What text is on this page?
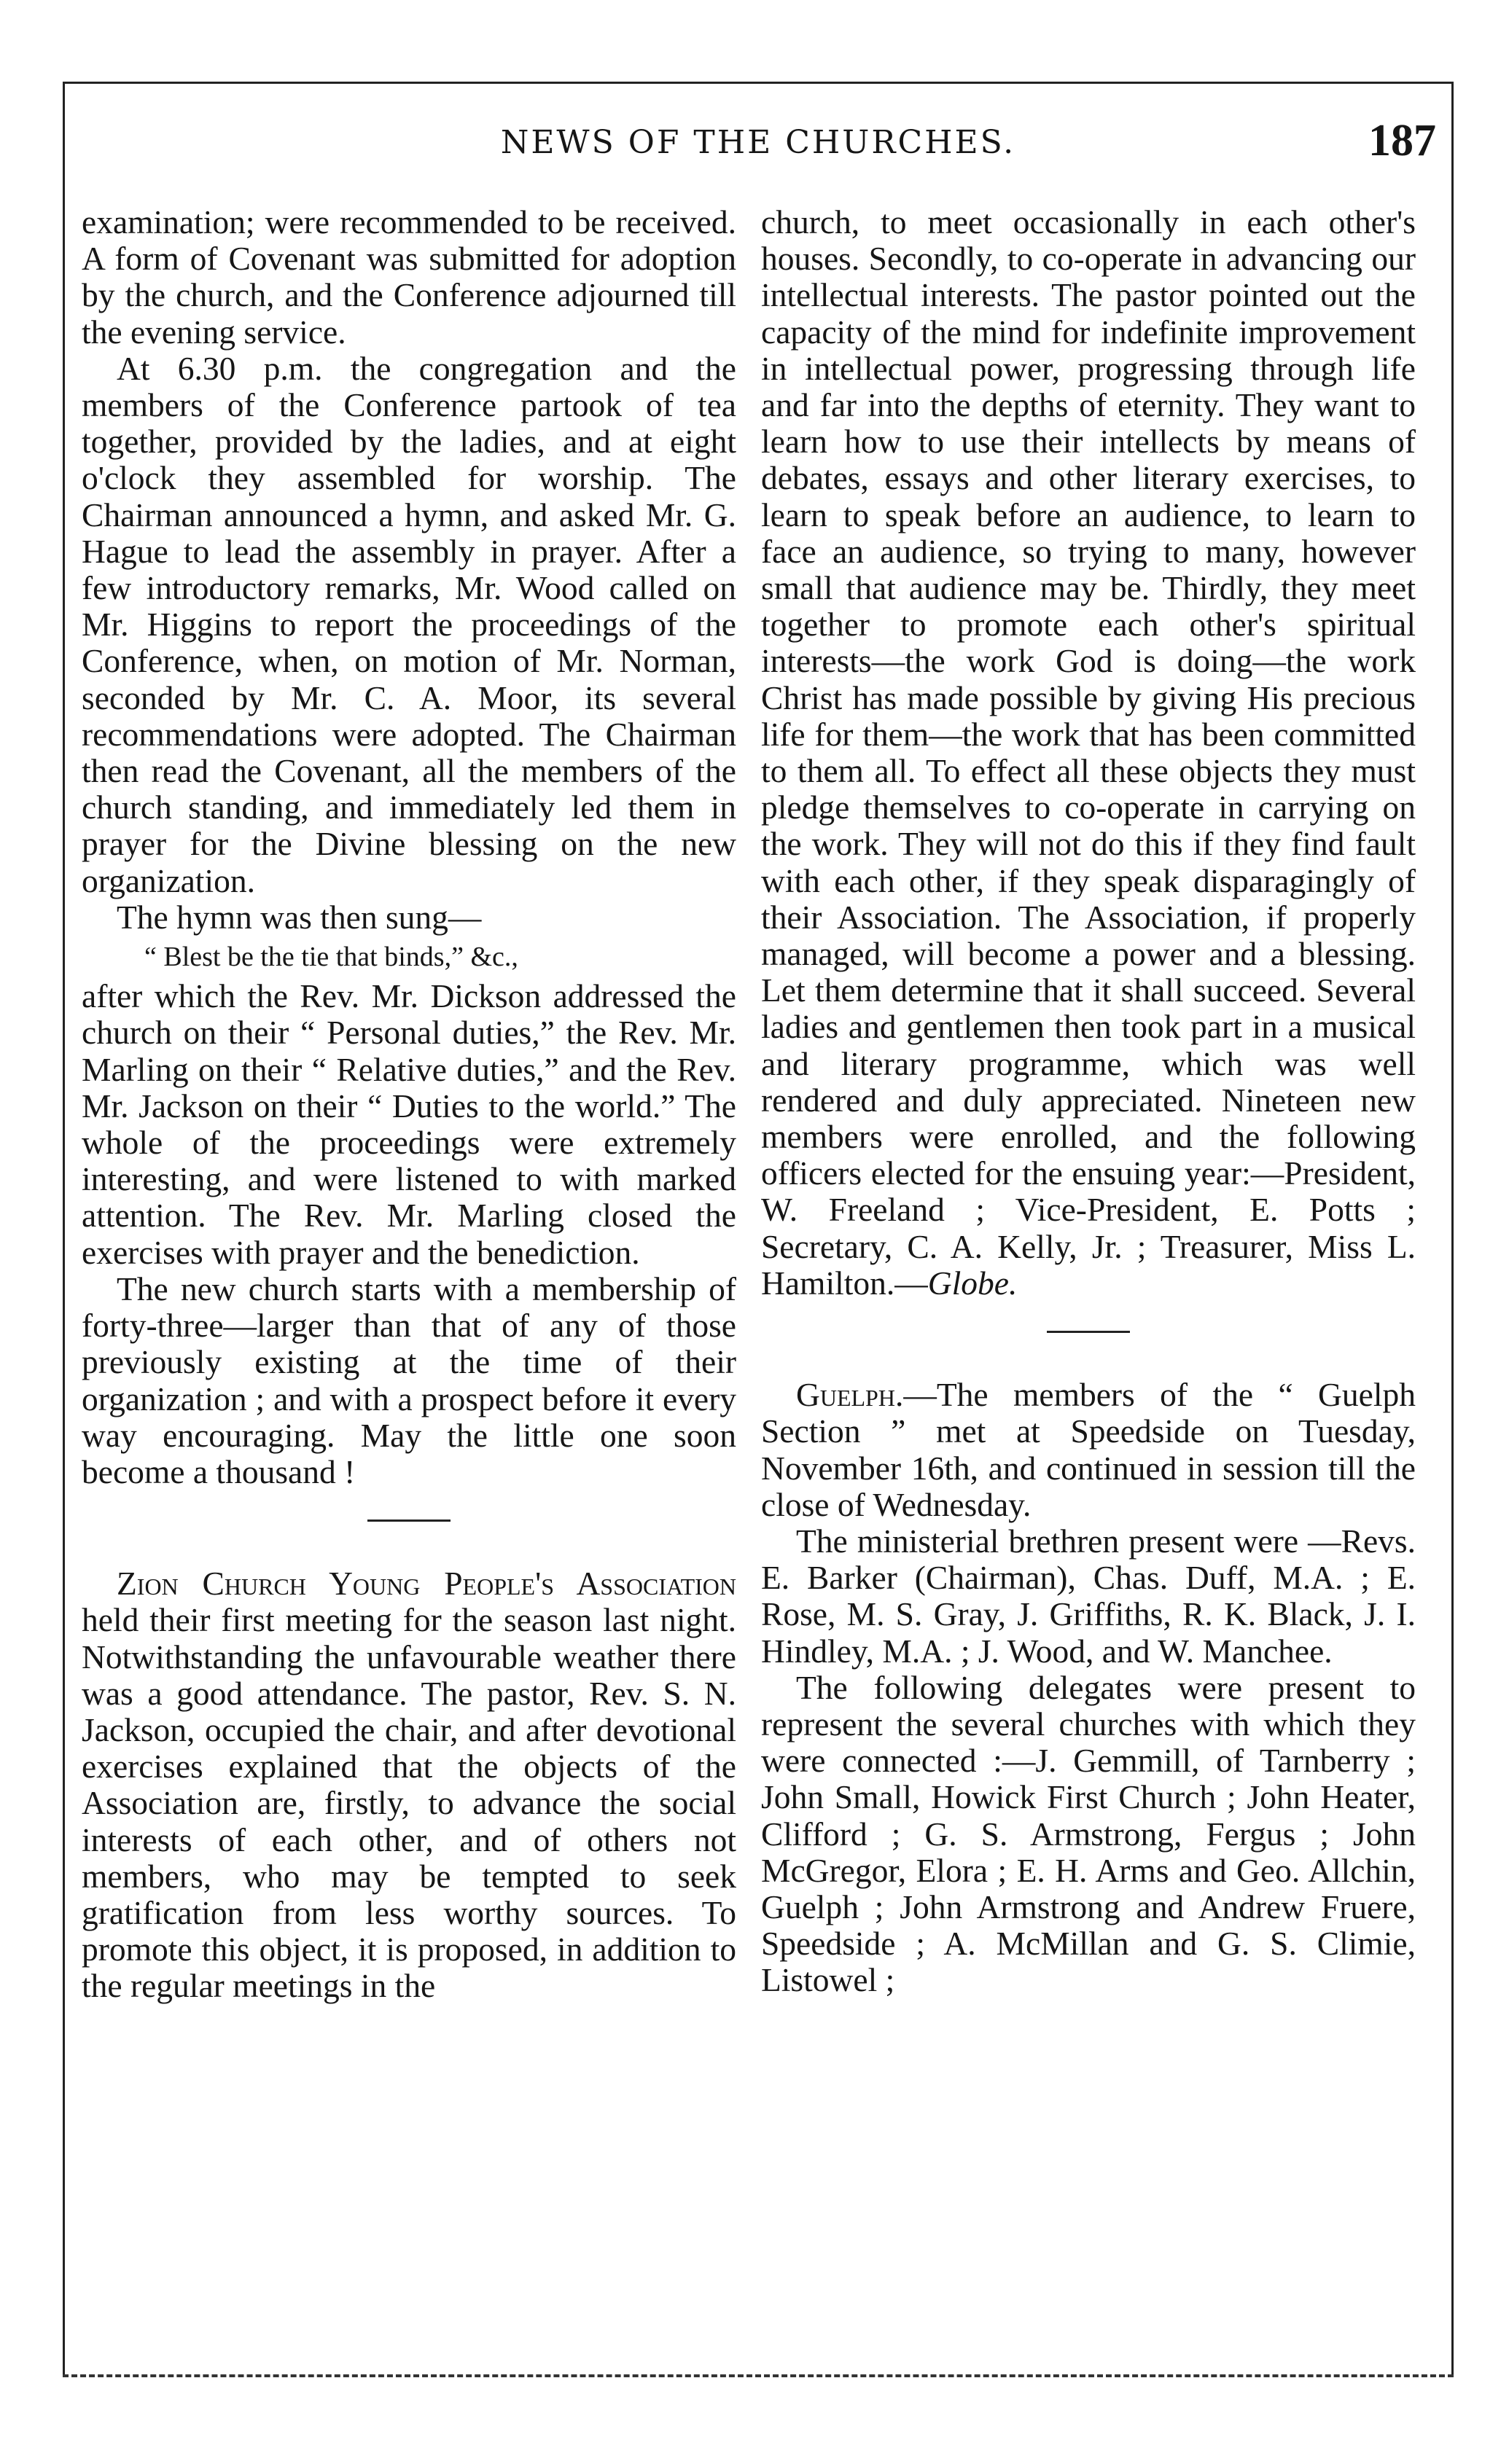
NEWS OF THE CHURCHES.	187

examination; were recommended to be received. A form of Covenant was submitted for adoption by the church, and the Conference adjourned till the evening service.

At 6.30 p.m. the congregation and the members of the Conference partook of tea together, provided by the ladies, and at eight o'clock they assembled for worship. The Chairman announced a hymn, and asked Mr. G. Hague to lead the assembly in prayer. After a few introductory remarks, Mr. Wood called on Mr. Higgins to report the proceedings of the Conference, when, on motion of Mr. Norman, seconded by Mr. C. A. Moor, its several recommendations were adopted. The Chairman then read the Covenant, all the members of the church standing, and immediately led them in prayer for the Divine blessing on the new organization.

The hymn was then sung—

“ Blest be the tie that binds,” &c.,

after which the Rev. Mr. Dickson addressed the church on their “ Personal duties,” the Rev. Mr. Marling on their “ Relative duties,” and the Rev. Mr. Jackson on their “ Duties to the world.” The whole of the proceedings were extremely interesting, and were listened to with marked attention. The Rev. Mr. Marling closed the exercises with prayer and the benediction.

The new church starts with a membership of forty-three—larger than that of any of those previously existing at the time of their organization ; and with a prospect before it every way encouraging. May the little one soon become a thousand !

Zion Church Young People's Association held their first meeting for the season last night. Notwithstanding the unfavourable weather there was a good attendance. The pastor, Rev. S. N. Jackson, occupied the chair, and after devotional exercises explained that the objects of the Association are, firstly, to advance the social interests of each other, and of others not members, who may be tempted to seek gratification from less worthy sources. To promote this object, it is proposed, in addition to the regular meetings in the

church, to meet occasionally in each other's houses. Secondly, to co-operate in advancing our intellectual interests. The pastor pointed out the capacity of the mind for indefinite improvement in intellectual power, progressing through life and far into the depths of eternity. They want to learn how to use their intellects by means of debates, essays and other literary exercises, to learn to speak before an audience, to learn to face an audience, so trying to many, however small that audience may be. Thirdly, they meet together to promote each other's spiritual interests—the work God is doing—the work Christ has made possible by giving His precious life for them—the work that has been committed to them all. To effect all these objects they must pledge themselves to co-operate in carrying on the work. They will not do this if they find fault with each other, if they speak disparagingly of their Association. The Association, if properly managed, will become a power and a blessing. Let them determine that it shall succeed. Several ladies and gentlemen then took part in a musical and literary programme, which was well rendered and duly appreciated. Nineteen new members were enrolled, and the following officers elected for the ensuing year:—President, W. Freeland ; Vice-President, E. Potts ; Secretary, C. A. Kelly, Jr. ; Treasurer, Miss L. Hamilton.—Globe.

Guelph.—The members of the “ Guelph Section ” met at Speedside on Tuesday, November 16th, and continued in session till the close of Wednesday.

The ministerial brethren present were —Revs. E. Barker (Chairman), Chas. Duff, M.A. ; E. Rose, M. S. Gray, J. Griffiths, R. K. Black, J. I. Hindley, M.A. ; J. Wood, and W. Manchee.

The following delegates were present to represent the several churches with which they were connected :—J. Gemmill, of Tarnberry ; John Small, Howick First Church ; John Heater, Clifford ; G. S. Armstrong, Fergus ; John McGregor, Elora ; E. H. Arms and Geo. Allchin, Guelph ; John Armstrong and Andrew Fruere, Speedside ; A. McMillan and G. S. Climie, Listowel ;
